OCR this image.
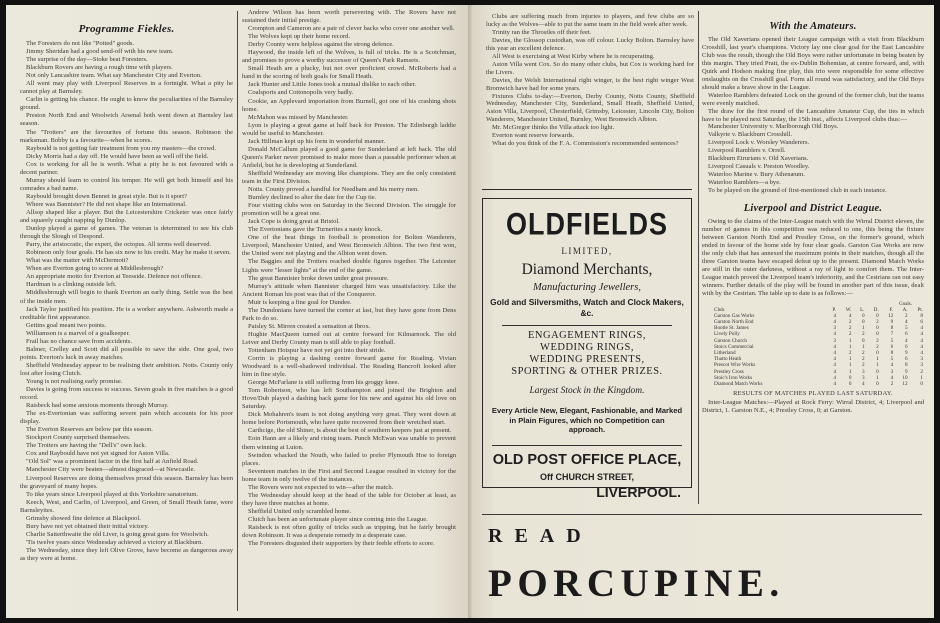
Programme Fiekles.

The Foresters do not like "Potted" goods.

Jimmy Sheridan had a good send-off with his new team.

The surprise of the day—Stoke beat Foresters.

Blackburn Rovers are having a rough time with players.

Not only Lancashire team. What say Manchester City and Everton.

All went may play with Liverpool Reserves in a fortnight. What a pity he cannot play at Barnsley.

Carlin is getting his chance. He ought to know the peculiarities of the Barnsley ground.

Preston North End and Woolwich Arsenal both went down at Barnsley last season.

The "Trotters" are the favourites of fortune this season. Robinson the marksman. Bobby is a favourite—when he scores.

Raybould is not getting fair treatment from you my masters—the crowd.

Dicky Morris had a day off. He would have been as well off the field.

Cox is working for all he is worth. What a pity he is not favoured with a decent partner.

Murray should learn to control his temper. He will get both himself and his comrades a bad name.

Raybould brought down Bennet in great style. But is it sport?

Where was Bannister? He did not shape like an International.

Allsop shaped like a player. But the Leicestershire Cricketer was once fairly and squarely caught napping by Dunlop.

Dunlop played a game of games. The veteran is determined to see his club through the Slough of Despond.

Parry, the aristocratic, the expert, the octopus. All terms well deserved.

Robinson only four goals. He has six now to his credit. May he make it seven.

What was the matter with McDermott?

When are Everton going to score at Middlesbrough?

An appropriate motto for Everton at Teesside. Defence not offence.

Hardman is a clinking outside left.

Middlesbrough will begin to thank Everton an early thing. Settle was the best of the inside men.

Jack Taylor justified his position. He is a worker anywhere. Ashworth made a creditable first appearance.

Gettins goal meant two points.

Williamson is a marvel of a goalkeeper.

Frail has no chance save from accidents.

Balmer, Crelley and Scott did all possible to save the side. One goal, two points. Everton's luck in away matches.

Sheffield Wednesday appear to be realising their ambition. Notts. County only lost after losing Clutch.

Young is not realising early promise.

Davies is going from success to success. Seven goals in five matches is a good record.

Raisbeck had some anxious moments through Murray.

The ex-Evertonian was suffering severe pain which accounts for his poor display.

The Everton Reserves are below par this season.

Stockport County surprised themselves.

The Trotters are having the "Dell's" own luck.

Cox and Raybould have not yet signed for Aston Villa.

"Old Sol" was a prominent factor in the first half at Anfield Road.

Manchester City were beaten—almost disgraced—at Newcastle.

Liverpool Reserves are doing themselves proud this season. Barnsley has been the graveyard of many hopes.

To tike years since Liverpool played at this Yorkshire sanatorium.

Keech, West, and Carlin, of Liverpool, and Green, of Small Heath fame, were Barnsleyites.

Grimsby showed fine defence at Blackpool.

Bury have not yet obtained their initial victory.

Charlie Satterthwaite the old Liver, is going great guns for Woolwich.

'Tis twelve years since Wednesday achieved a victory at Blackburn.

The Wednesday, since they left Olive Grove, have become as dangerous away as they were at home.

Andrew Wilson has been worth persevering with. The Rovers have not sustained their initial prestige.

Crompton and Cameron are a pair of clever backs who cover one another well.

The Wolves kept up their home record.

Derby County were helpless against the strong defence.

Haywood, the inside left of the Wolves, is full of tricks. He is a Scotchman, and promises to prove a worthy successor of Queen's Park Ramsets.

Small Heath are a plucky, but not over proficient crowd. McRoberts had a hand in the scoring of both goals for Small Heath.

Jack Hunter and Little Jones took a mutual dislike to each other.

Coalsports and Cottonopolis very badly.

Cookie, an Applevard importation from Burnell, got one of his crashing shots home.

McMahon was missed by Manchester.

Lyon is playing a great game at half back for Preston. The Edinburgh laddie would be useful to Manchester.

Jack Hillman kept up his form in wonderful manner.

Donald McCallum played a good game for Sunderland at left back. The old Queen's Parker never promised to make more than a passable performer when at Anfield, but he is developing at Sunderland.

Sheffield Wednesday are moving like champions. They are the only consistent team in the First Division.

Notts. County proved a handful for Needham and his merry men.

Burnley declined to alter the date for the Cup tie.

Four visiting clubs won on Saturday in the Second Division. The struggle for promotion will be a great one.

Jack Cope is doing great at Bristol.

The Evertonians gave the Turnerites a nasty knock.

One of the beat things in football is promotion for Bolton Wanderers, Liverpool, Manchester United, and West Bromwich Albion. The two first won, the United were not playing and the Albion went down.

The Baggies and the Trotters reached double figures together. The Leicester Lights were "lesser lights" at the end of the game.

The great Bannister broke down under great pressure.

Murray's attitude when Bannister charged him was unsatisfactory. Like the Ancient Roman his post was that of the Conqueror.

Muir is keeping a fine goal for Dundee.

The Dundonians have turned the corner at last, but they have gone from Dens Park to do so.

Paisley St. Mirren created a sensation at Ibrox.

Hughie MacQueen turned out at centre forward for Kilmarnock. The old Leiver and Derby County man is still able to play football.

Tottenham Hotspur have not yet got into their stride.

Corrin is playing a dashing centre forward game for Reading. Vivian Woodward is a well-shadowed individual. The Reading Bancroft looked after him in fine style.

George McFarlane is still suffering from his groggy knee.

Tom Robertson, who has left Southampton and joined the Brighton and Hove/Dub played a dashing back game for his new and against his old love on Saturday.

Dick Mohahren's team is not doing anything very great. They went down at home before Portsmouth, who have quite recovered from their wretched start.

Carthcige, the old Shiner, is about the best of southern keepers just at present.

Eoin Hann are a likely and rising team. Punch McEwan was unable to prevent them winning at Luton.

Swindon whacked the Nouth, who failed to prefer Plymouth Hoe to foreign places.

Seventeen matches in the First and Second League resulted in victory for the home team in only twelve of the instances.

The Rovers were not expected to win—after the match.

The Wednesday should keep at the head of the table for October at least, as they have three matches at home.

Sheffield United only scrambled home.

Clutch has been an unfortunate player since coming into the League.

Raisbeck is not often guilty of tricks such as tripping, but he fairly brought down Robinson. It was a desperate remedy in a desperate case.

The Foresters disgusted their supporters by their feeble efforts to score.

Clubs are suffering much from injuries to players, and few clubs are so lucky as the Wolves—able to put the same team in the field week after week.

Trinity ran the Throstles off their feet.

Davies, the Glossop custodian, was off colour. Lucky Bolton. Barnsley have this year an excellent defence.

All West is exercising at West Kirby where he is recuperating.

Aston Villa went Cox. So do many other clubs, but Cox is working hard for the Livers.

Davies, the Welsh International right winger, is the best right winger West Bromwich have had for some years.

Fixtures Clubs to-day:—Everton, Derby County, Notts County, Sheffield Wednesday, Manchester City, Sunderland, Small Heath, Sheffield United, Aston Villa, Liverpool, Chesterfield, Grimsby, Leicester, Lincoln City, Bolton Wanderers, Manchester United, Burnley, West Bromwich Albion.

Mr. McGregor thinks the Villa attack too light.

Everton want reserve forwards.

What do you think of the F. A. Commission's recommended sentences?

OLDFIELDS
LIMITED,
Diamond Merchants,
Manufacturing Jewellers,
Gold and Silversmiths, Watch and Clock Makers, &c.
ENGAGEMENT RINGS,
WEDDING RINGS,
WEDDING PRESENTS,
SPORTING & OTHER PRIZES.
Largest Stock in the Kingdom.
Every Article New, Elegant, Fashionable, and Marked in Plain Figures, which no Competition can approach.
OLD POST OFFICE PLACE,
Off CHURCH STREET,
LIVERPOOL.
With the Amateurs.

The Old Xaverians opened their League campaign with a visit from Blackburn Crosshill, last year's champions. Victory lay one clear goal for the East Lancashire Club was the result, though the Old Boys were rather unfortunate in being beaten by this margin. They tried Pratt, the ex-Dublin Bohemian, at centre forward, and, with Quirk and Hodson making fine play, this trio were responsible for some effective onslaughts on the Crosshill goal. Form all round was satisfactory, and the Old Boys should make a brave show in the League.

Waterloo Ramblers defeated Lock on the ground of the former club, but the teams were evenly matched.

The draw for the first round of the Lancashire Amateur Cup, the ties in which have to be played next Saturday, the 15th inst., affects Liverpool clubs thus:—

Manchester University v. Marlborough Old Boys.

Valkyrie v. Blackburn Crosshill.

Liverpool Lock v. Worsley Wanderers.

Liverpool Ramblers v. Orrell.

Blackburn Etrurians v. Old Xaverians.

Liverpool Casuals v. Preston Woodley.

Waterloo Marine v. Bury Athenæum.

Waterloo Ramblers—a bye.

To be played on the ground of first-mentioned club in each instance.

Liverpool and District League.

Owing to the claims of the Inter-League match with the Wirral District eleven, the number of games in this competition was reduced to one, this being the fixture between Garston North End and Prestley Cross, on the former's ground, which ended in favour of the home side by four clear goals. Garston Gas Works are now the only club that has annexed the maximum points in their matches, though all the three Garston teams have escaped defeat up to the present. Diamond Match Works are still in the outer darkness, without a ray of light to comfort them. The Inter-League match proved the Liverpool team's inferiority, and the Cestrians ran out easy winners. Further details of the play will be found in another part of this issue, dealt with by the Cestrian. The table up to date is as follows:—

Goals.
Club.	P.	W.	L.	D.	F.	A.	Pt.
Garston Gas Works	4	4	0	0	12	2	8
Garston North End	4	2	0	2	9	4	6
Bootle St. James	3	2	1	0	8	5	4
Lively Polly	4	2	2	0	7	6	4
Garston Church	3	1	0	2	5	4	4
Stoics Commercial	4	1	1	2	6	6	4
Litherland	4	2	2	0	8	9	4
Thatto Heath	4	1	2	1	5	6	3
Prescot Wire Works	4	1	2	1	4	8	3
Prestley Cross	4	1	3	0	3	9	2
Stoic's Iron Works	4	0	3	1	4	10	1
Diamond Match Works	4	0	4	0	2	12	0
RESULTS OF MATCHES PLAYED LAST SATURDAY.

Inter-League Matches:—Played at Rock Ferry: Wirral District, 4; Liverpool and District, 1. Garston N.E., 4; Prestley Cross, 0; at Garston.

READ
PORCUPINE.
